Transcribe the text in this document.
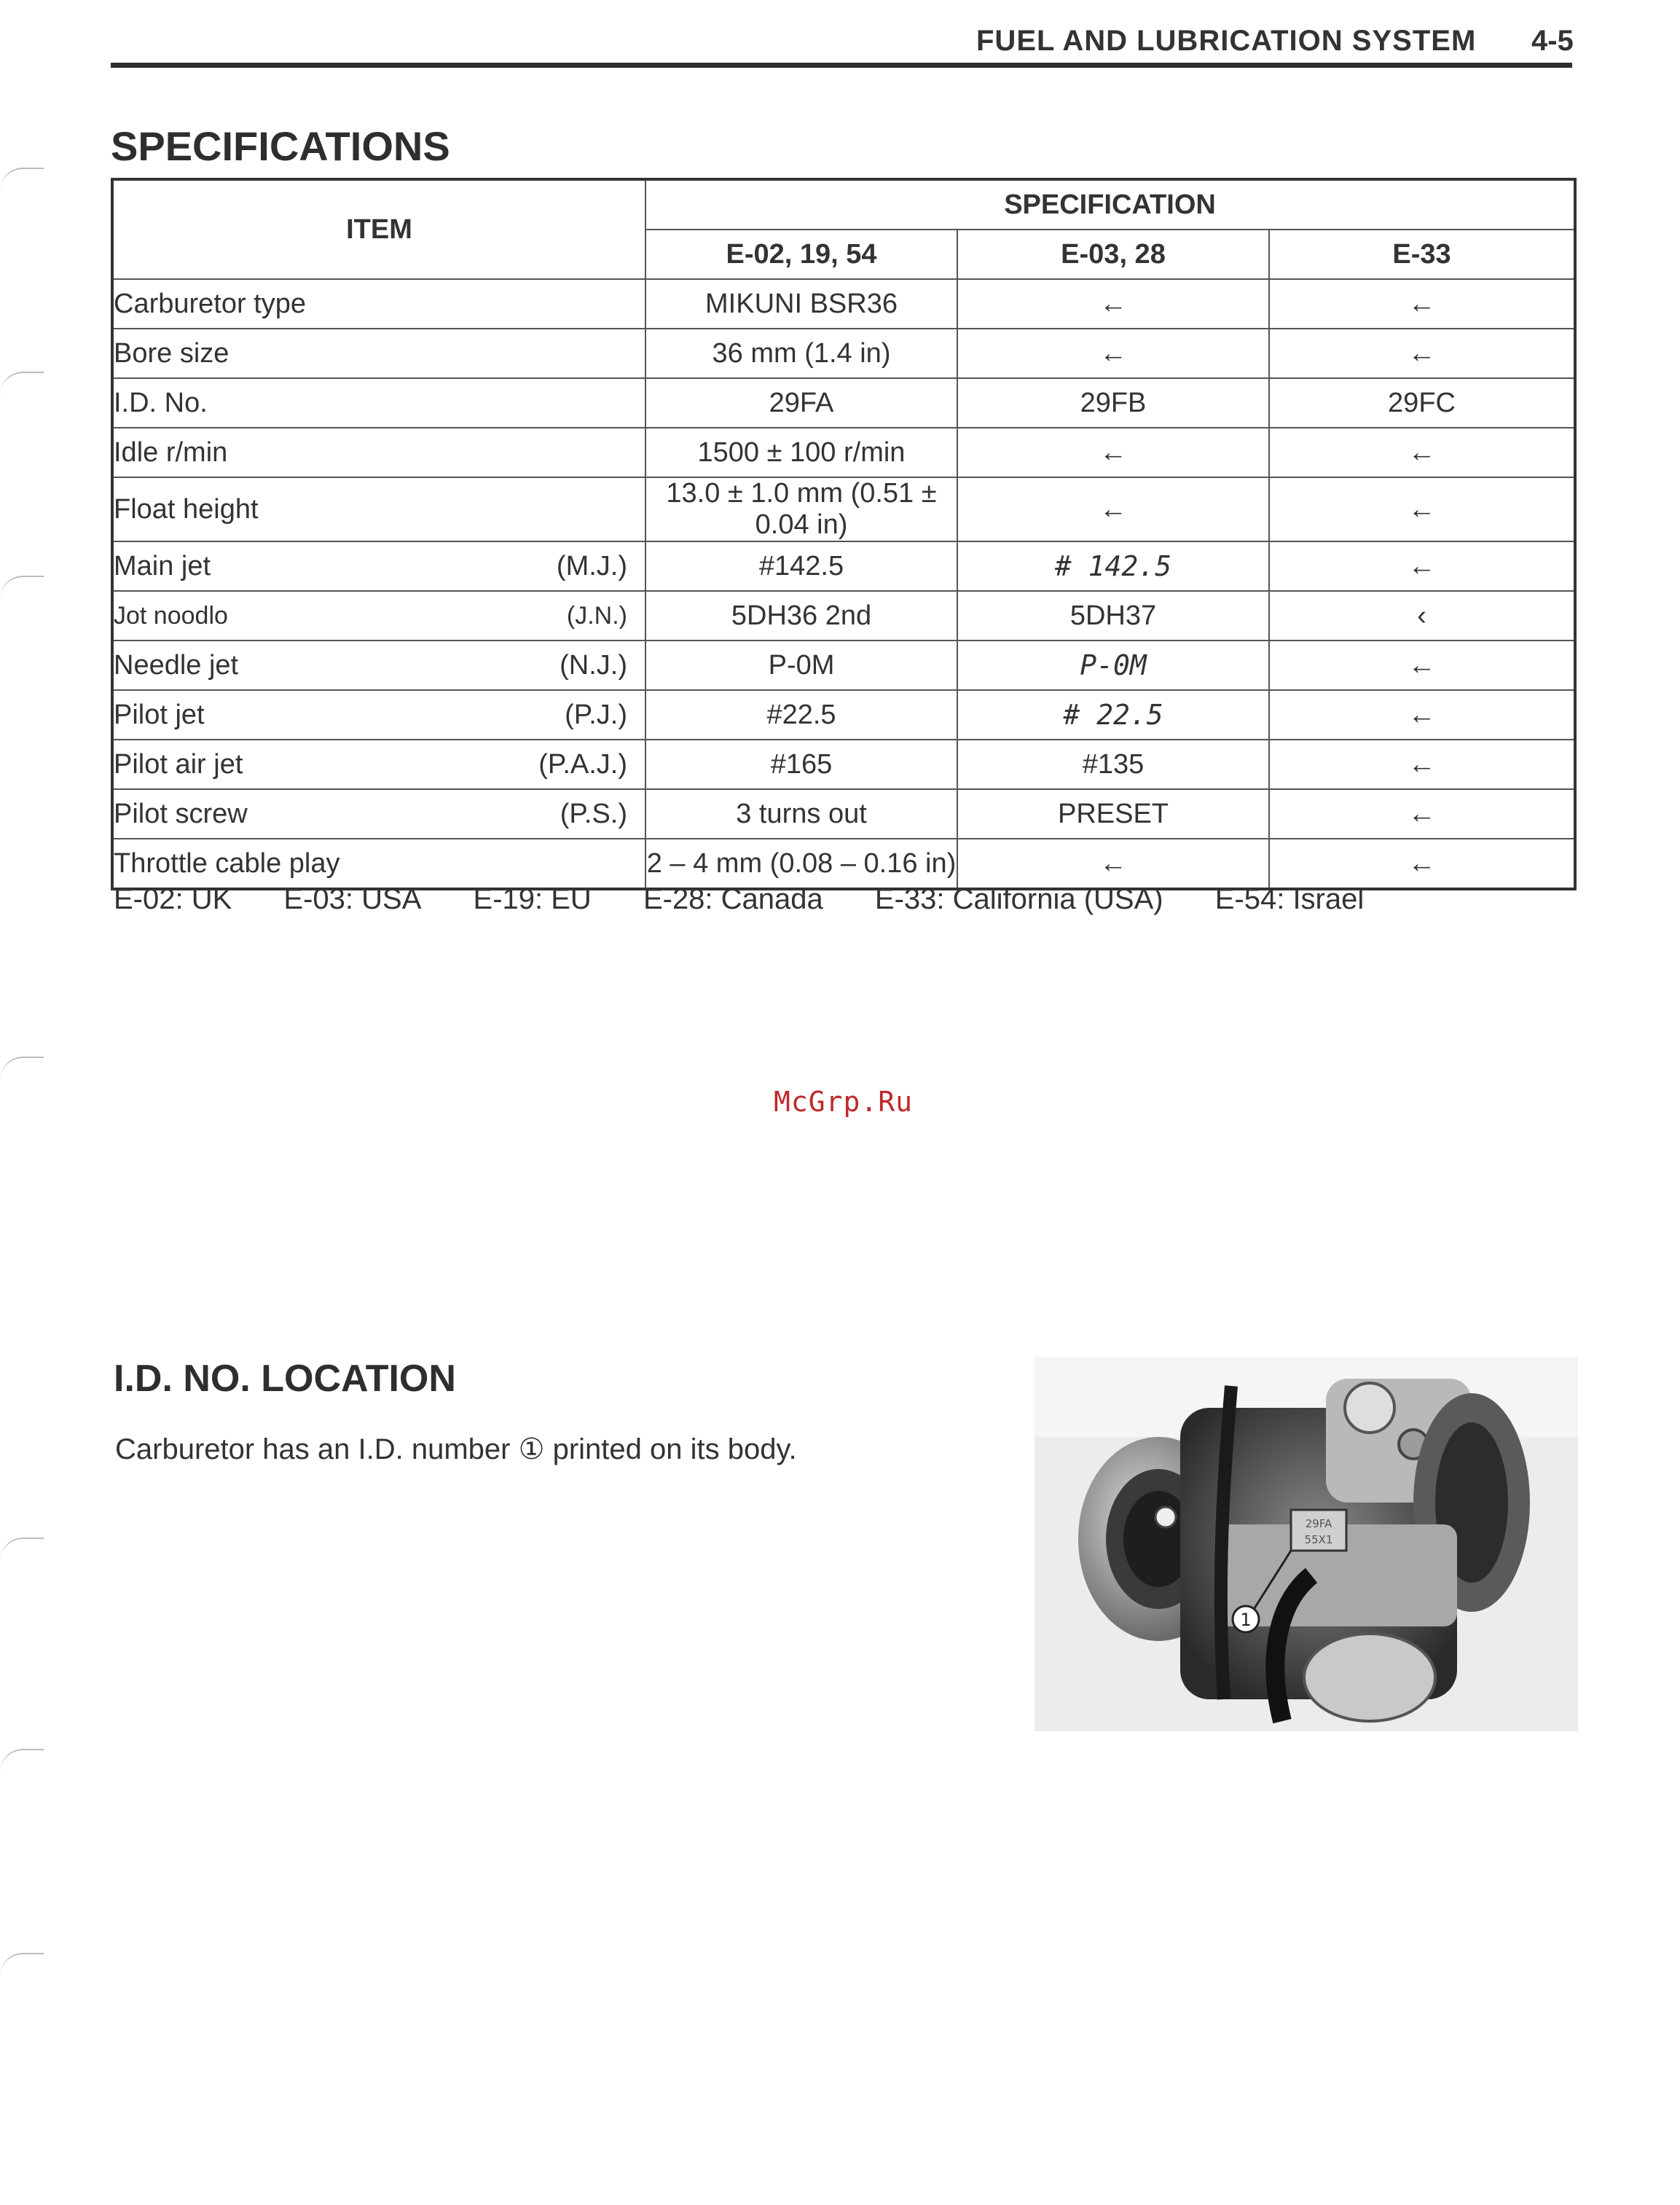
FUEL AND LUBRICATION SYSTEM 4-5
SPECIFICATIONS
ITEM	SPECIFICATION		
	E-02, 19, 54	E-03, 28	E-33

Carburetor type	MIKUNI BSR36	←	←

Bore size	36 mm (1.4 in)	←	←

I.D. No.	29FA	29FB	29FC

Idle r/min	1500 ± 100 r/min	←	←

Float height	13.0 ± 1.0 mm (0.51 ± 0.04 in)	←	←

Main jet (M.J.)	#142.5	# 142.5	←

Jot noodlo (J.N.)	5DH36 2nd	5DH37	‹

Needle jet (N.J.)	P-0M	P-0M	←

Pilot jet (P.J.)	#22.5	# 22.5	←

Pilot air jet (P.A.J.)	#165	#135	←

Pilot screw (P.S.)	3 turns out	PRESET	←

Throttle cable play	2 – 4 mm (0.08 – 0.16 in)	←	←
E-02: UK E-03: USA E-19: EU E-28: Canada E-33: California (USA) E-54: Israel
McGrp.Ru
I.D. NO. LOCATION
Carburetor has an I.D. number ① printed on its body.
29FA
55X1
1
